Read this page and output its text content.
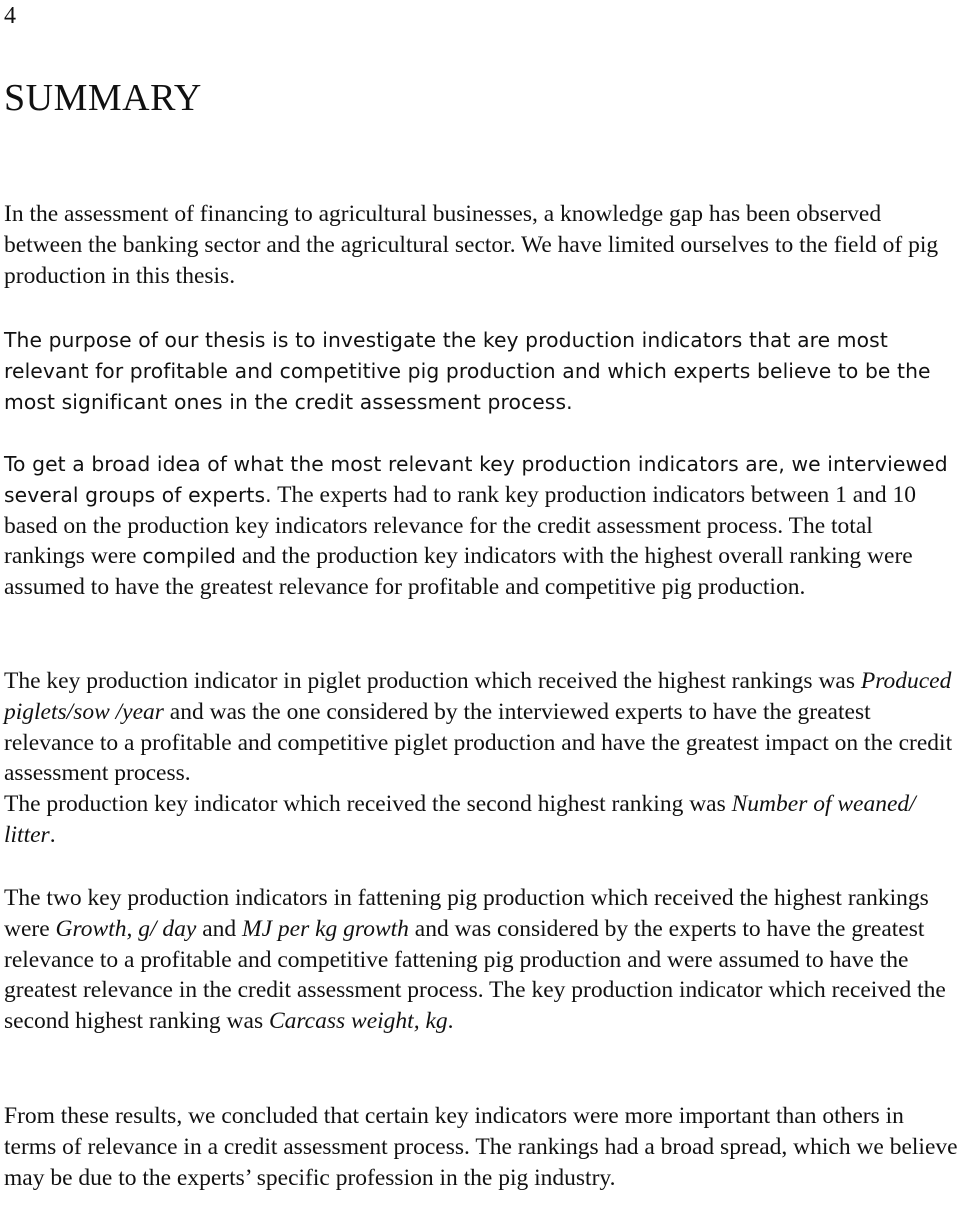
4
SUMMARY

In the assessment of financing to agricultural businesses, a knowledge gap has been observed between the banking sector and the agricultural sector. We have limited ourselves to the field of pig production in this thesis.

The purpose of our thesis is to investigate the key production indicators that are most relevant for profitable and competitive pig production and which experts believe to be the most significant ones in the credit assessment process.

To get a broad idea of what the most relevant key production indicators are, we interviewed several groups of experts. The experts had to rank key production indicators between 1 and 10 based on the production key indicators relevance for the credit assessment process. The total rankings were compiled and the production key indicators with the highest overall ranking were assumed to have the greatest relevance for profitable and competitive pig production.

The key production indicator in piglet production which received the highest rankings was Produced piglets/sow /year and was the one considered by the interviewed experts to have the greatest relevance to a profitable and competitive piglet production and have the greatest impact on the credit assessment process.
The production key indicator which received the second highest ranking was Number of weaned/ litter.

The two key production indicators in fattening pig production which received the highest rankings were Growth, g/ day and MJ per kg growth and was considered by the experts to have the greatest relevance to a profitable and competitive fattening pig production and were assumed to have the greatest relevance in the credit assessment process. The key production indicator which received the second highest ranking was Carcass weight, kg.

From these results, we concluded that certain key indicators were more important than others in terms of relevance in a credit assessment process. The rankings had a broad spread, which we believe may be due to the experts’ specific profession in the pig industry.
